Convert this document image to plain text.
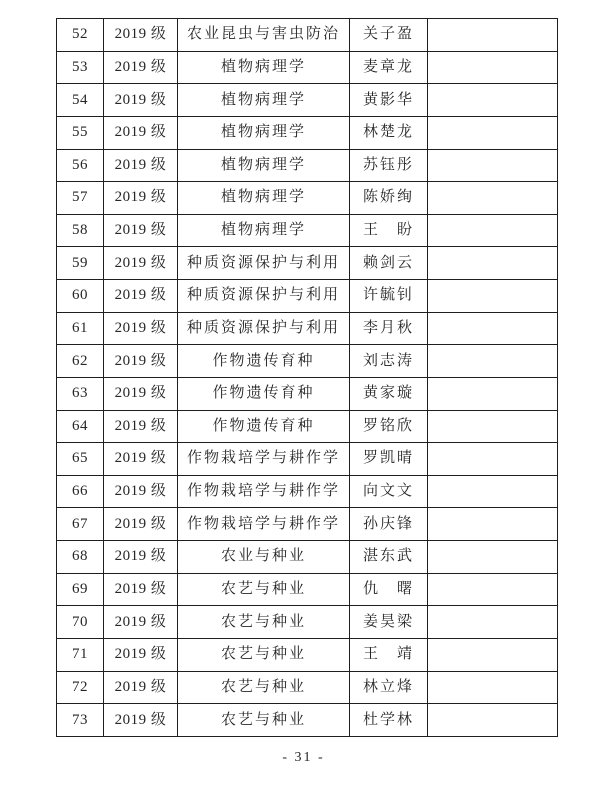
52	2019 级	农业昆虫与害虫防治	关子盈	
53	2019 级	植物病理学	麦章龙	
54	2019 级	植物病理学	黄影华	
55	2019 级	植物病理学	林楚龙	
56	2019 级	植物病理学	苏钰彤	
57	2019 级	植物病理学	陈娇绚	
58	2019 级	植物病理学	王　盼	
59	2019 级	种质资源保护与利用	赖剑云	
60	2019 级	种质资源保护与利用	许毓钊	
61	2019 级	种质资源保护与利用	李月秋	
62	2019 级	作物遗传育种	刘志涛	
63	2019 级	作物遗传育种	黄家璇	
64	2019 级	作物遗传育种	罗铭欣	
65	2019 级	作物栽培学与耕作学	罗凯晴	
66	2019 级	作物栽培学与耕作学	向文文	
67	2019 级	作物栽培学与耕作学	孙庆锋	
68	2019 级	农业与种业	湛东武	
69	2019 级	农艺与种业	仇　曙	
70	2019 级	农艺与种业	姜昊梁	
71	2019 级	农艺与种业	王　靖	
72	2019 级	农艺与种业	林立烽	
73	2019 级	农艺与种业	杜学林	
- 31 -
